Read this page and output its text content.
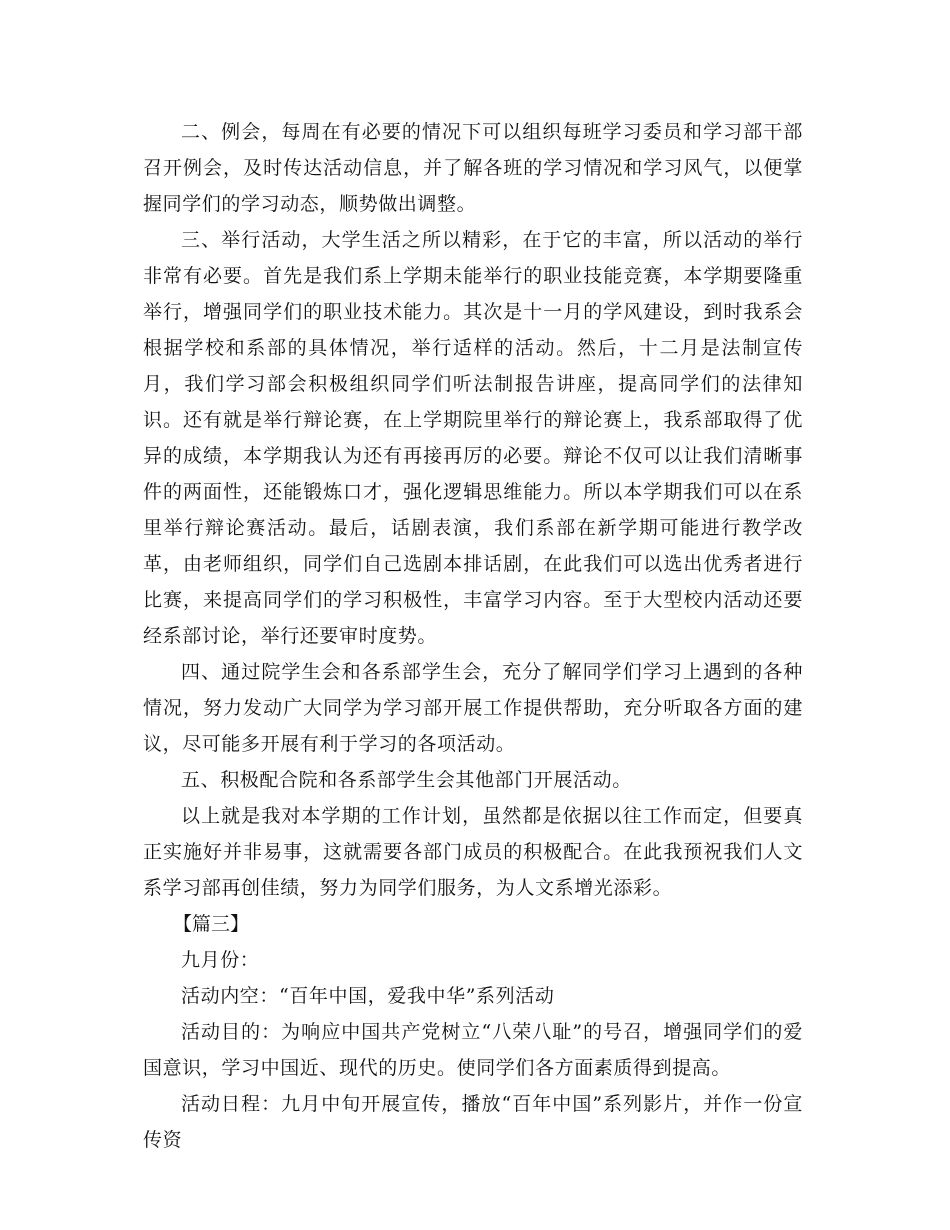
二、例会，每周在有必要的情况下可以组织每班学习委员和学习部干部召开例会，及时传达活动信息，并了解各班的学习情况和学习风气，以便掌握同学们的学习动态，顺势做出调整。

三、举行活动，大学生活之所以精彩，在于它的丰富，所以活动的举行非常有必要。首先是我们系上学期未能举行的职业技能竞赛，本学期要隆重举行，增强同学们的职业技术能力。其次是十一月的学风建设，到时我系会根据学校和系部的具体情况，举行适样的活动。然后，十二月是法制宣传月，我们学习部会积极组织同学们听法制报告讲座，提高同学们的法律知识。还有就是举行辩论赛，在上学期院里举行的辩论赛上，我系部取得了优异的成绩，本学期我认为还有再接再厉的必要。辩论不仅可以让我们清晰事件的两面性，还能锻炼口才，强化逻辑思维能力。所以本学期我们可以在系里举行辩论赛活动。最后，话剧表演，我们系部在新学期可能进行教学改革，由老师组织，同学们自己选剧本排话剧，在此我们可以选出优秀者进行比赛，来提高同学们的学习积极性，丰富学习内容。至于大型校内活动还要经系部讨论，举行还要审时度势。

四、通过院学生会和各系部学生会，充分了解同学们学习上遇到的各种情况，努力发动广大同学为学习部开展工作提供帮助，充分听取各方面的建议，尽可能多开展有利于学习的各项活动。

五、积极配合院和各系部学生会其他部门开展活动。

以上就是我对本学期的工作计划，虽然都是依据以往工作而定，但要真正实施好并非易事，这就需要各部门成员的积极配合。在此我预祝我们人文系学习部再创佳绩，努力为同学们服务，为人文系增光添彩。

【篇三】

九月份：

活动内空：“百年中国，爱我中华”系列活动

活动目的：为响应中国共产党树立“八荣八耻”的号召，增强同学们的爱国意识，学习中国近、现代的历史。使同学们各方面素质得到提高。

活动日程：九月中旬开展宣传，播放“百年中国”系列影片，并作一份宣传资
